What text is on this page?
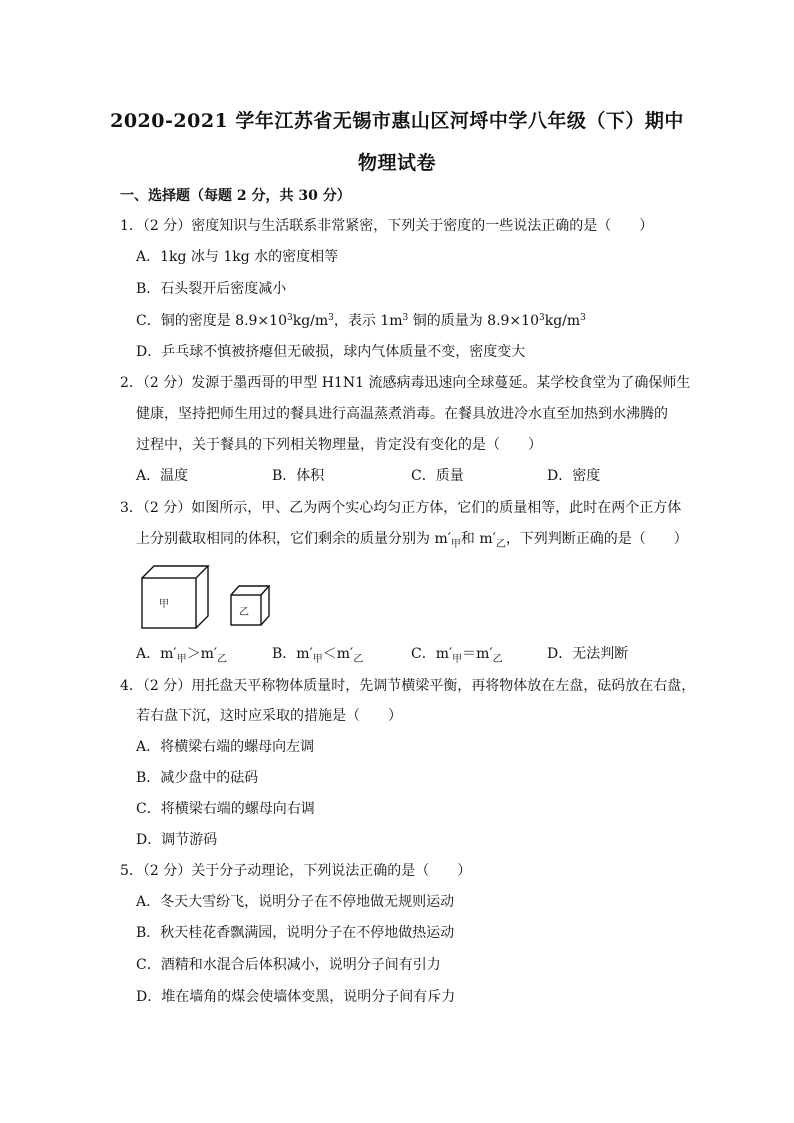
2020-2021 学年江苏省无锡市惠山区河埒中学八年级（下）期中
物理试卷
一、选择题（每题 2 分，共 30 分）
1．（2 分）密度知识与生活联系非常紧密，下列关于密度的一些说法正确的是（　　）
A．1kg 冰与 1kg 水的密度相等
B．石头裂开后密度减小
C．铜的密度是 $8.9\times 10^3kg/m^3$，表示 $1m^3$ 铜的质量为 $8.9\times 10^3kg/m^3$
D．乒乓球不慎被挤瘪但无破损，球内气体质量不变，密度变大
2．（2 分）发源于墨西哥的甲型 H1N1 流感病毒迅速向全球蔓延。某学校食堂为了确保师生
健康，坚持把师生用过的餐具进行高温蒸煮消毒。在餐具放进冷水直至加热到水沸腾的
过程中，关于餐具的下列相关物理量，肯定没有变化的是（　　）
A．温度	B．体积	C．质量	D．密度
3．（2 分）如图所示，甲、乙为两个实心均匀正方体，它们的质量相等，此时在两个正方体
上分别截取相同的体积，它们剩余的质量分别为 $m'_甲$和 $m'_乙$，下列判断正确的是（　　）
甲
乙
A．$m'_甲>m'_乙$	B．$m'_甲<m'_乙$	C．$m'_甲=m'_乙$	D．无法判断
4．（2 分）用托盘天平称物体质量时，先调节横梁平衡，再将物体放在左盘，砝码放在右盘，
若右盘下沉，这时应采取的措施是（　　）
A．将横梁右端的螺母向左调
B．减少盘中的砝码
C．将横梁右端的螺母向右调
D．调节游码
5．（2 分）关于分子动理论，下列说法正确的是（　　）
A．冬天大雪纷飞，说明分子在不停地做无规则运动
B．秋天桂花香飘满园，说明分子在不停地做热运动
C．酒精和水混合后体积减小，说明分子间有引力
D．堆在墙角的煤会使墙体变黑，说明分子间有斥力
